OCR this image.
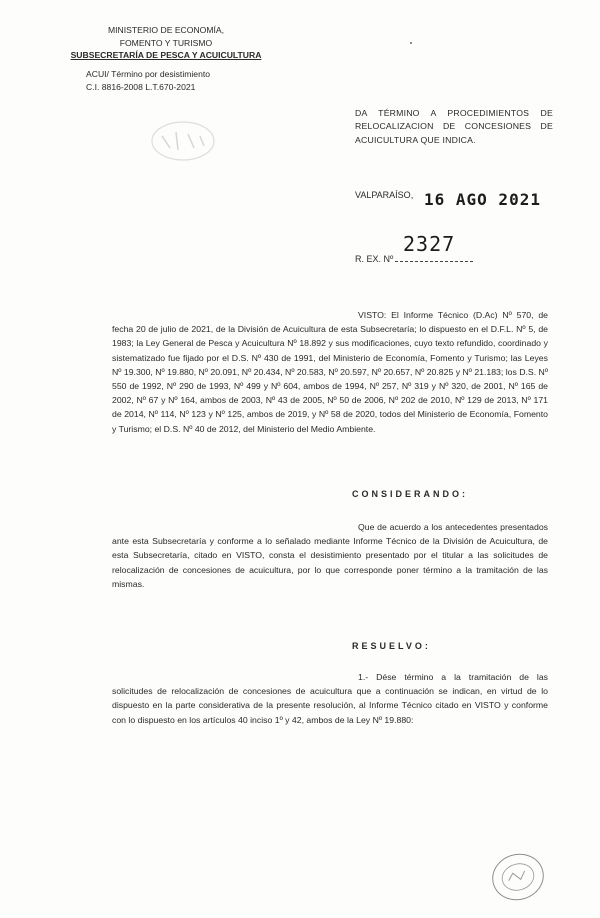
MINISTERIO DE ECONOMÍA,
FOMENTO Y TURISMO
SUBSECRETARÍA DE PESCA Y ACUICULTURA
ACUI/ Término por desistimiento
C.I. 8816-2008 L.T.670-2021
DA TÉRMINO A PROCEDIMIENTOS DE RELOCALIZACION DE CONCESIONES DE ACUICULTURA QUE INDICA.
VALPARAÍSO, 16 AGO 2021
R. EX. Nº
2327
VISTO: El Informe Técnico (D.Ac) Nº 570, de fecha 20 de julio de 2021, de la División de Acuicultura de esta Subsecretaría; lo dispuesto en el D.F.L. Nº 5, de 1983; la Ley General de Pesca y Acuicultura Nº 18.892 y sus modificaciones, cuyo texto refundido, coordinado y sistematizado fue fijado por el D.S. Nº 430 de 1991, del Ministerio de Economía, Fomento y Turismo; las Leyes Nº 19.300, Nº 19.880, Nº 20.091, Nº 20.434, Nº 20.583, Nº 20.597, Nº 20.657, Nº 20.825 y Nº 21.183; los D.S. Nº 550 de 1992, Nº 290 de 1993, Nº 499 y Nº 604, ambos de 1994, Nº 257, Nº 319 y Nº 320, de 2001, Nº 165 de 2002, Nº 67 y Nº 164, ambos de 2003, Nº 43 de 2005, Nº 50 de 2006, Nº 202 de 2010, Nº 129 de 2013, Nº 171 de 2014, Nº 114, Nº 123 y Nº 125, ambos de 2019, y Nº 58 de 2020, todos del Ministerio de Economía, Fomento y Turismo; el D.S. Nº 40 de 2012, del Ministerio del Medio Ambiente.
CONSIDERANDO:
Que de acuerdo a los antecedentes presentados ante esta Subsecretaría y conforme a lo señalado mediante Informe Técnico de la División de Acuicultura, de esta Subsecretaría, citado en VISTO, consta el desistimiento presentado por el titular a las solicitudes de relocalización de concesiones de acuicultura, por lo que corresponde poner término a la tramitación de las mismas.
RESUELVO:
1.- Dése término a la tramitación de las solicitudes de relocalización de concesiones de acuicultura que a continuación se indican, en virtud de lo dispuesto en la parte considerativa de la presente resolución, al Informe Técnico citado en VISTO y conforme con lo dispuesto en los artículos 40 inciso 1º y 42, ambos de la Ley Nº 19.880:
